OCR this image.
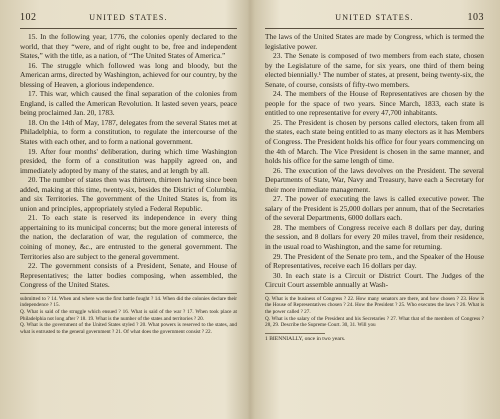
102	UNITED STATES.

15. In the following year, 1776, the colonies openly declared to the world, that they “were, and of right ought to be, free and independent States,” with the title, as a nation, of “The United States of America.”

16. The struggle which followed was long and bloody, but the American arms, directed by Washington, achieved for our country, by the blessing of Heaven, a glorious independence.

17. This war, which caused the final separation of the colonies from England, is called the American Revolution. It lasted seven years, peace being proclaimed Jan. 20, 1783.

18. On the 14th of May, 1787, delegates from the several States met at Philadelphia, to form a constitution, to regulate the intercourse of the States with each other, and to form a national government.

19. After four months' deliberation, during which time Washington presided, the form of a constitution was happily agreed on, and immediately adopted by many of the states, and at length by all.

20. The number of states then was thirteen, thirteen having since been added, making at this time, twenty-six, besides the District of Columbia, and six Territories. The government of the United States is, from its union and principles, appropriately styled a Federal Republic.

21. To each state is reserved its independence in every thing appertaining to its municipal concerns; but the more general interests of the nation, the declaration of war, the regulation of commerce, the coining of money, &c., are entrusted to the general government. The Territories also are subject to the general government.

22. The government consists of a President, Senate, and House of Representatives; the latter bodies composing, when assembled, the Congress of the United States.

submitted to ? 14. When and where was the first battle fought ? 14. When did the colonies declare their independence ? 15.

Q. What is said of the struggle which ensued ? 16. What is said of the war ? 17. When took place at Philadelphia not long after ? 18. 19. What is the number of the states and territories ? 20.

Q. What is the government of the United States styled ? 20. What powers is reserved to the states, and what is entrusted to the general government ? 21. Of what does the government consist ? 22.

UNITED STATES.	103

The laws of the United States are made by Congress, which is termed the legislative power.

23. The Senate is composed of two members from each state, chosen by the Legislature of the same, for six years, one third of them being elected biennially.¹ The number of states, at present, being twenty-six, the Senate, of course, consists of fifty-two members.

24. The members of the House of Representatives are chosen by the people for the space of two years. Since March, 1833, each state is entitled to one representative for every 47,700 inhabitants.

25. The President is chosen by persons called electors, taken from all the states, each state being entitled to as many electors as it has Members of Congress. The President holds his office for four years commencing on the 4th of March. The Vice President is chosen in the same manner, and holds his office for the same length of time.

26. The execution of the laws devolves on the President. The several Departments of State, War, Navy and Treasury, have each a Secretary for their more immediate management.

27. The power of executing the laws is called executive power. The salary of the President is 25,000 dollars per annum, that of the Secretaries of the several Departments, 6000 dollars each.

28. The members of Congress receive each 8 dollars per day, during the session, and 8 dollars for every 20 miles travel, from their residence, in the usual road to Washington, and the same for returning.

29. The President of the Senate pro tem., and the Speaker of the House of Representatives, receive each 16 dollars per day.

30. In each state is a Circuit or District Court. The Judges of the Circuit Court assemble annually at Wash-

Q. What is the business of Congress ? 22. How many senators are there, and how chosen ? 23. How is the House of Representatives chosen ? 24. How the President ? 25. Who executes the laws ? 26. What is the power called ? 27.

Q. What is the salary of the President and his Secretaries ? 27. What that of the members of Congress ? 28, 29. Describe the Supreme Court. 30, 31. Will you

1 BIENNIALLY, once in two years.
